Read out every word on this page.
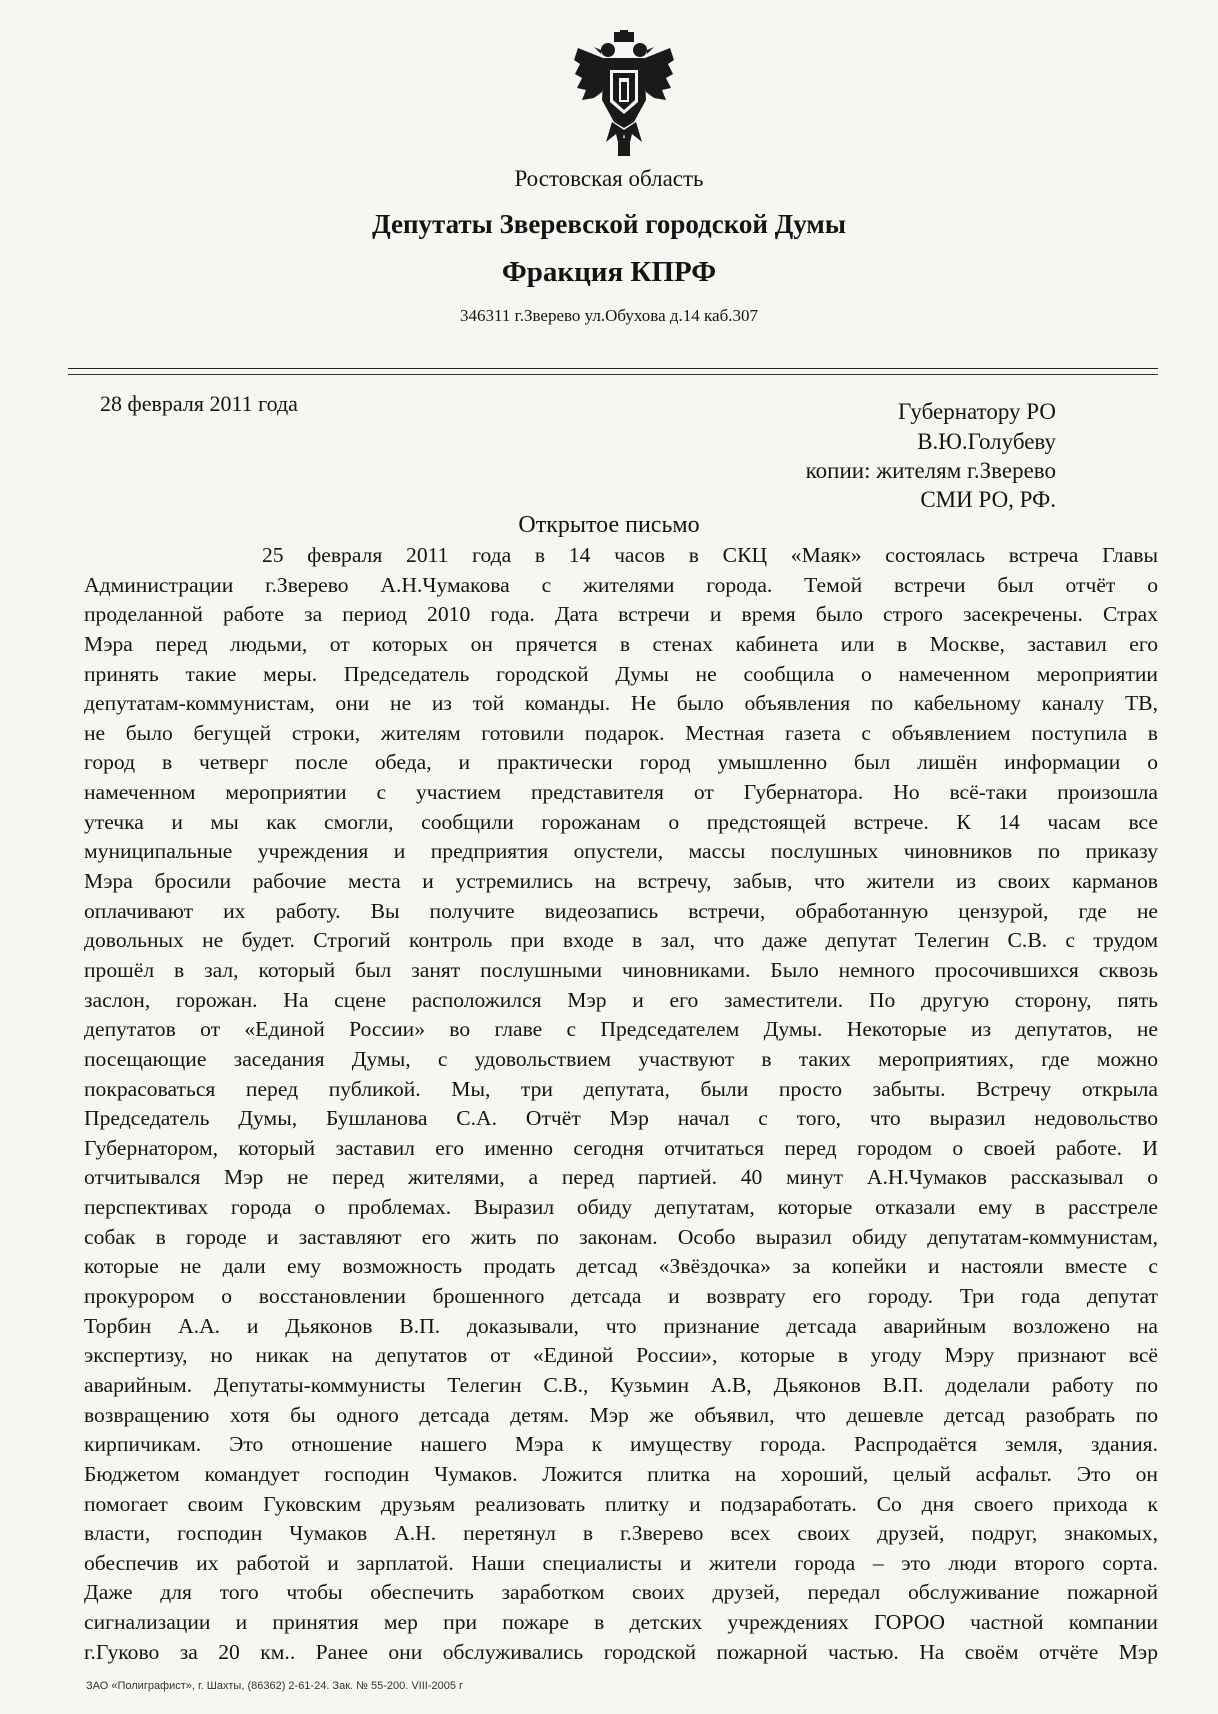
Ростовская область
Депутаты Зверевской городской Думы
Фракция КПРФ
346311 г.Зверево ул.Обухова д.14 каб.307
28 февраля 2011 года	Губернатору РО
В.Ю.Голубеву
копии: жителям г.Зверево
СМИ РО, РФ.
Открытое письмо
25 февраля 2011 года в 14 часов в СКЦ «Маяк» состоялась встреча Главы
Администрации г.Зверево А.Н.Чумакова с жителями города. Темой встречи был отчёт о
проделанной работе за период 2010 года. Дата встречи и время было строго засекречены. Страх
Мэра перед людьми, от которых он прячется в стенах кабинета или в Москве, заставил его
принять такие меры. Председатель городской Думы не сообщила о намеченном мероприятии
депутатам-коммунистам, они не из той команды. Не было объявления по кабельному каналу ТВ,
не было бегущей строки, жителям готовили подарок. Местная газета с объявлением поступила в
город в четверг после обеда, и практически город умышленно был лишён информации о
намеченном мероприятии с участием представителя от Губернатора. Но всё-таки произошла
утечка и мы как смогли, сообщили горожанам о предстоящей встрече. К 14 часам все
муниципальные учреждения и предприятия опустели, массы послушных чиновников по приказу
Мэра бросили рабочие места и устремились на встречу, забыв, что жители из своих карманов
оплачивают их работу. Вы получите видеозапись встречи, обработанную цензурой, где не
довольных не будет. Строгий контроль при входе в зал, что даже депутат Телегин С.В. с трудом
прошёл в зал, который был занят послушными чиновниками. Было немного просочившихся сквозь
заслон, горожан. На сцене расположился Мэр и его заместители. По другую сторону, пять
депутатов от «Единой России» во главе с Председателем Думы. Некоторые из депутатов, не
посещающие заседания Думы, с удовольствием участвуют в таких мероприятиях, где можно
покрасоваться перед публикой. Мы, три депутата, были просто забыты. Встречу открыла
Председатель Думы, Бушланова С.А. Отчёт Мэр начал с того, что выразил недовольство
Губернатором, который заставил его именно сегодня отчитаться перед городом о своей работе. И
отчитывался Мэр не перед жителями, а перед партией. 40 минут А.Н.Чумаков рассказывал о
перспективах города о проблемах. Выразил обиду депутатам, которые отказали ему в расстреле
собак в городе и заставляют его жить по законам. Особо выразил обиду депутатам-коммунистам,
которые не дали ему возможность продать детсад «Звёздочка» за копейки и настояли вместе с
прокурором о восстановлении брошенного детсада и возврату его городу. Три года депутат
Торбин А.А. и Дьяконов В.П. доказывали, что признание детсада аварийным возложено на
экспертизу, но никак на депутатов от «Единой России», которые в угоду Мэру признают всё
аварийным. Депутаты-коммунисты Телегин С.В., Кузьмин А.В, Дьяконов В.П. доделали работу по
возвращению хотя бы одного детсада детям. Мэр же объявил, что дешевле детсад разобрать по
кирпичикам. Это отношение нашего Мэра к имуществу города. Распродаётся земля, здания.
Бюджетом командует господин Чумаков. Ложится плитка на хороший, целый асфальт. Это он
помогает своим Гуковским друзьям реализовать плитку и подзаработать. Со дня своего прихода к
власти, господин Чумаков А.Н. перетянул в г.Зверево всех своих друзей, подруг, знакомых,
обеспечив их работой и зарплатой. Наши специалисты и жители города – это люди второго сорта.
Даже для того чтобы обеспечить заработком своих друзей, передал обслуживание пожарной
сигнализации и принятия мер при пожаре в детских учреждениях ГОРОО частной компании
г.Гуково за 20 км.. Ранее они обслуживались городской пожарной частью. На своём отчёте Мэр
ЗАО «Полиграфист», г. Шахты, (86362) 2-61-24. Зак. № 55-200. VIII-2005 г
